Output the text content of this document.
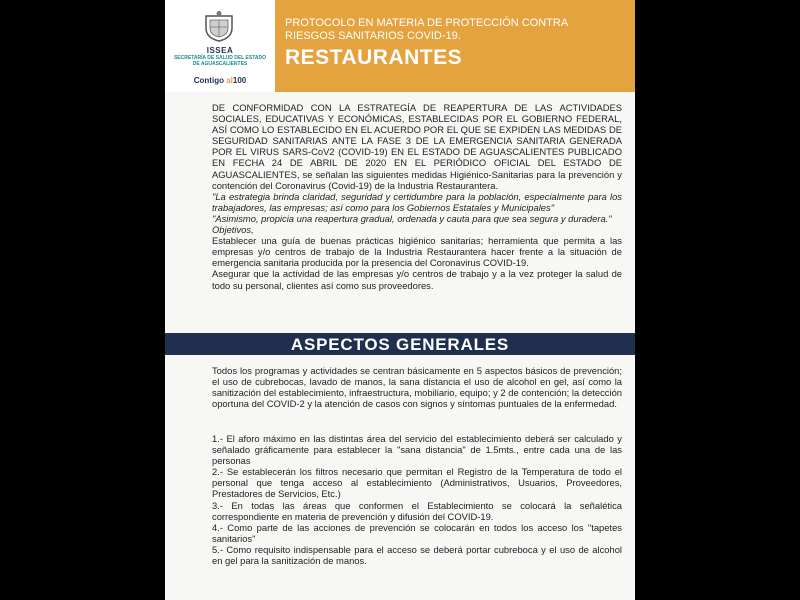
ISSEA
SECRETARÍA DE SALUD DEL ESTADO
DE AGUASCALIENTES
Contigo al100
PROTOCOLO EN MATERIA DE PROTECCIÓN CONTRA
RIESGOS SANITARIOS COVID-19.
RESTAURANTES

DE CONFORMIDAD CON LA ESTRATEGÍA DE REAPERTURA DE LAS ACTIVIDADES SOCIALES, EDUCATIVAS Y ECONÓMICAS, ESTABLECIDAS POR EL GOBIERNO FEDERAL, ASÍ COMO LO ESTABLECIDO EN EL ACUERDO POR EL QUE SE EXPIDEN LAS MEDIDAS DE SEGURIDAD SANITARIAS ANTE LA FASE 3 DE LA EMERGENCIA SANITARIA GENERADA POR EL VIRUS SARS-CoV2 (COVID-19) EN EL ESTADO DE AGUASCALIENTES PUBLICADO EN FECHA 24 DE ABRIL DE 2020 EN EL PERIÓDICO OFICIAL DEL ESTADO DE AGUASCALIENTES, se señalan las siguientes medidas Higiénico-Sanitarias para la prevención y contención del Coronavirus (Covid-19) de la Industria Restaurantera.

"La estrategia brinda claridad, seguridad y certidumbre para la población, especialmente para los trabajadores, las empresas; así como para los Gobiernos Estatales y Municipales"

"Asimismo, propicia una reapertura gradual, ordenada y cauta para que sea segura y duradera."

Objetivos,

Establecer una guía de buenas prácticas higiénico sanitarias; herramienta que permita a las empresas y/o centros de trabajo de la Industria Restaurantera hacer frente a la situación de emergencia sanitaria producida por la presencia del Coronavirus COVID-19.

Asegurar que la actividad de las empresas y/o centros de trabajo y a la vez proteger la salud de todo su personal, clientes así como sus proveedores.

ASPECTOS GENERALES
Todos los programas y actividades se centran básicamente en 5 aspectos básicos de prevención; el uso de cubrebocas, lavado de manos, la sana distancia el uso de alcohol en gel, así como la sanitización del establecimiento, infraestructura, mobiliario, equipo; y 2 de contención; la detección oportuna del COVID-2 y la atención de casos con signos y síntomas puntuales de la enfermedad.

1.- El aforo máximo en las distintas área del servicio del establecimiento deberá ser calculado y señalado gráficamente para establecer la "sana distancia" de 1.5mts., entre cada una de las personas

2.- Se establecerán los filtros necesario que permitan el Registro de la Temperatura de todo el personal que tenga acceso al establecimiento (Administrativos, Usuarios, Proveedores, Prestadores de Servicios, Etc.)

3.- En todas las áreas que conformen el Establecimiento se colocará la señalética correspondiente en materia de prevención y difusión del COVID-19.

4.- Como parte de las acciones de prevención se colocarán en todos los acceso los "tapetes sanitarios"

5.- Como requisito indispensable para el acceso se deberá portar cubreboca y el uso de alcohol en gel para la sanitización de manos.
